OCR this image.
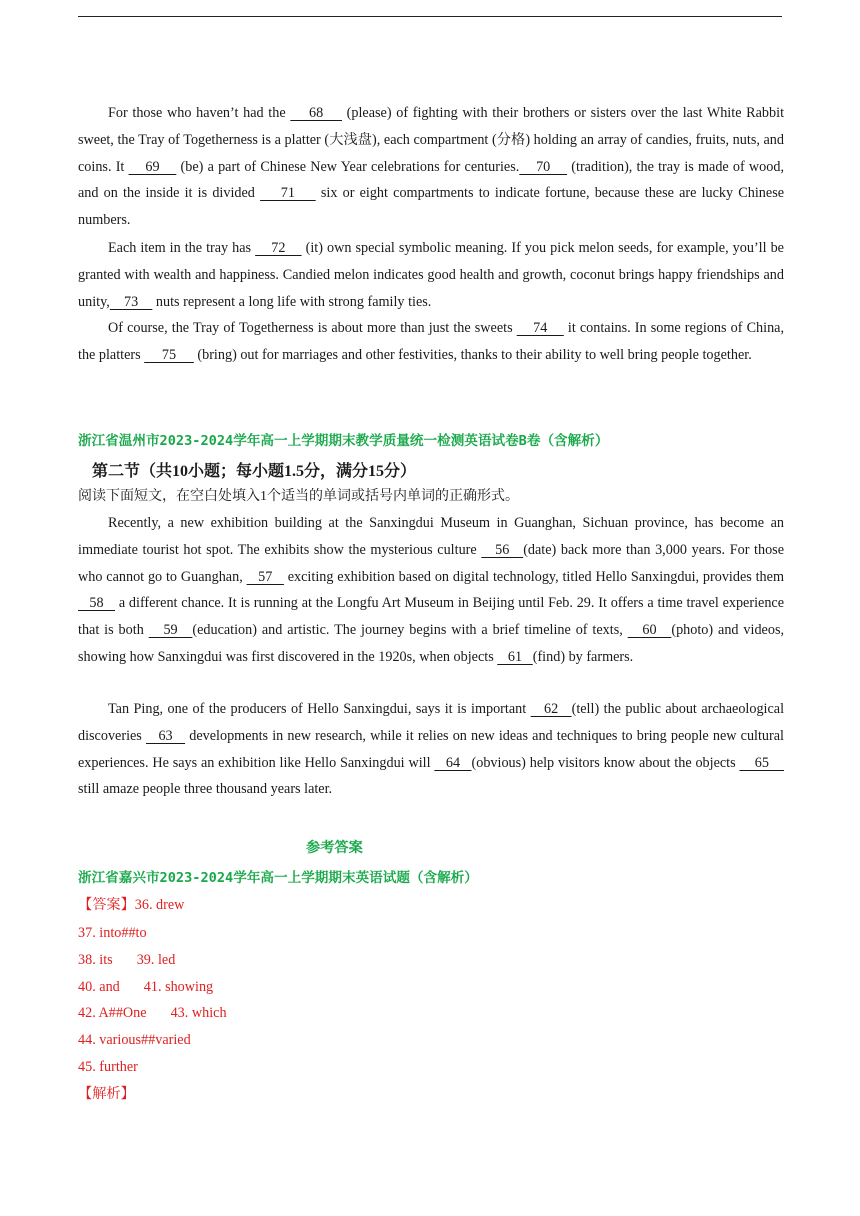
For those who haven’t had the     68     (please) of fighting with their brothers or sisters over the last White Rabbit sweet, the Tray of Togetherness is a platter (大浅盘), each compartment (分格) holding an array of candies, fruits, nuts, and coins. It     69     (be) a part of Chinese New Year celebrations for centuries.    70     (tradition), the tray is made of wood, and on the inside it is divided     71     six or eight compartments to indicate fortune, because these are lucky Chinese numbers.

Each item in the tray has     72     (it) own special symbolic meaning. If you pick melon seeds, for example, you’ll be granted with wealth and happiness. Candied melon indicates good health and growth, coconut brings happy friendships and unity,    73     nuts represent a long life with strong family ties.

Of course, the Tray of Togetherness is about more than just the sweets     74     it contains. In some regions of China, the platters      75      (bring) out for marriages and other festivities, thanks to their ability to well bring people together.

浙江省温州市2023-2024学年高一上学期期末教学质量统一检测英语试卷B卷（含解析）
第二节（共10小题；每小题1.5分，满分15分）
阅读下面短文，在空白处填入1个适当的单词或括号内单词的正确形式。

Recently, a new exhibition building at the Sanxingdui Museum in Guanghan, Sichuan province, has become an immediate tourist hot spot. The exhibits show the mysterious culture    56   (date) back more than 3,000 years. For those who cannot go to Guanghan,    57    exciting exhibition based on digital technology, titled Hello Sanxingdui, provides them    58    a different chance. It is running at the Longfu Art Museum in Beijing until Feb. 29. It offers a time travel experience that is both    59   (education) and artistic. The journey begins with a brief timeline of texts,    60   (photo) and videos, showing how Sanxingdui was first discovered in the 1920s, when objects    61   (find) by farmers.

Tan Ping, one of the producers of Hello Sanxingdui, says it is important    62   (tell) the public about archaeological discoveries    63    developments in new research, while it relies on new ideas and techniques to bring people new cultural experiences. He says an exhibition like Hello Sanxingdui will    64   (obvious) help visitors know about the objects     65     still amaze people three thousand years later.

参考答案
浙江省嘉兴市2023-2024学年高一上学期期末英语试题（含解析）
【答案】36. drew
37. into##to
38. its 39. led
40. and 41. showing
42. A##One 43. which
44. various##varied
45. further
【解析】
